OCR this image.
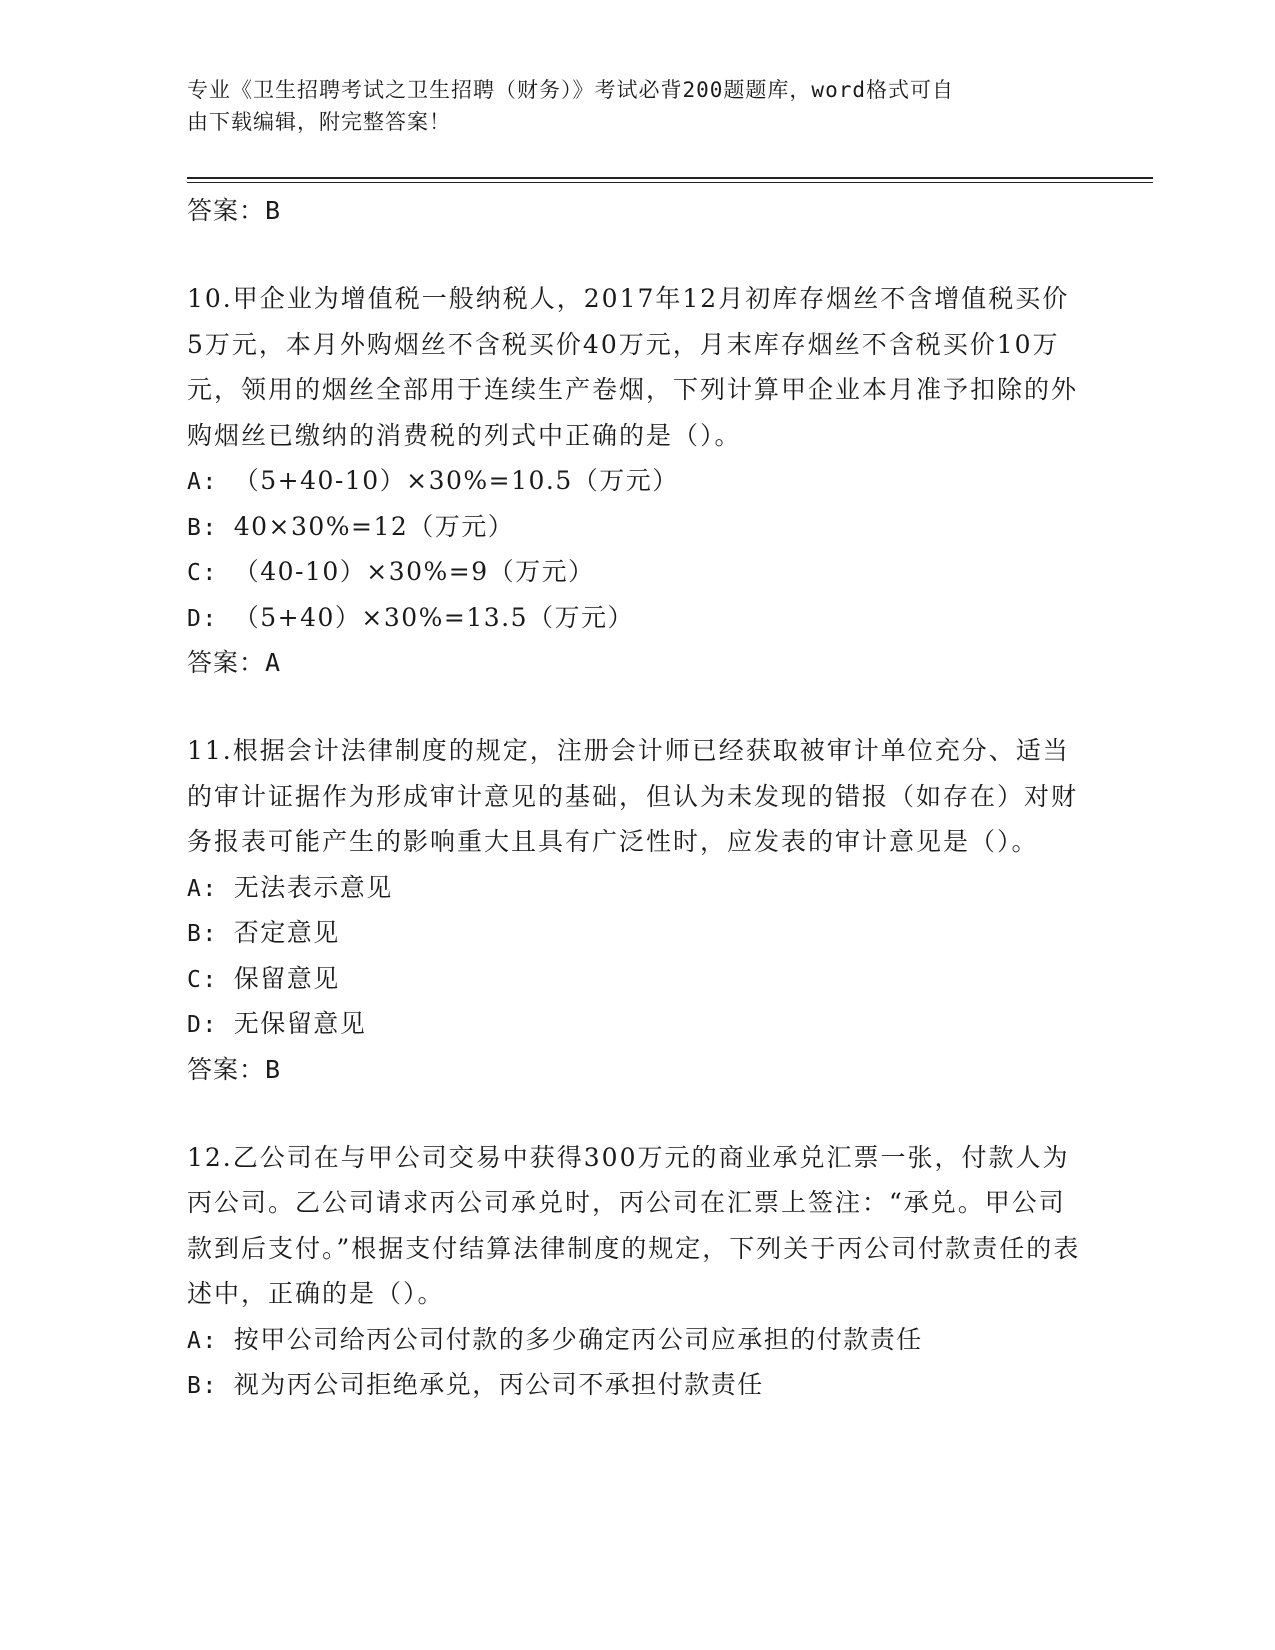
专业《卫生招聘考试之卫生招聘（财务）》考试必背200题题库，word格式可自
由下载编辑，附完整答案！
答案：B
10.甲企业为增值税一般纳税人，2017年12月初库存烟丝不含增值税买价5万元，本月外购烟丝不含税买价40万元，月末库存烟丝不含税买价10万元，领用的烟丝全部用于连续生产卷烟，下列计算甲企业本月准予扣除的外购烟丝已缴纳的消费税的列式中正确的是（）。
A: （5+40-10）×30%=10.5（万元）
B: 40×30%=12（万元）
C: （40-10）×30%=9（万元）
D: （5+40）×30%=13.5（万元）
答案：A
11.根据会计法律制度的规定，注册会计师已经获取被审计单位充分、适当的审计证据作为形成审计意见的基础，但认为未发现的错报（如存在）对财务报表可能产生的影响重大且具有广泛性时，应发表的审计意见是（）。
A: 无法表示意见
B: 否定意见
C: 保留意见
D: 无保留意见
答案：B
12.乙公司在与甲公司交易中获得300万元的商业承兑汇票一张，付款人为丙公司。乙公司请求丙公司承兑时，丙公司在汇票上签注：“承兑。甲公司款到后支付。”根据支付结算法律制度的规定，下列关于丙公司付款责任的表述中，正确的是（）。
A: 按甲公司给丙公司付款的多少确定丙公司应承担的付款责任
B: 视为丙公司拒绝承兑，丙公司不承担付款责任
